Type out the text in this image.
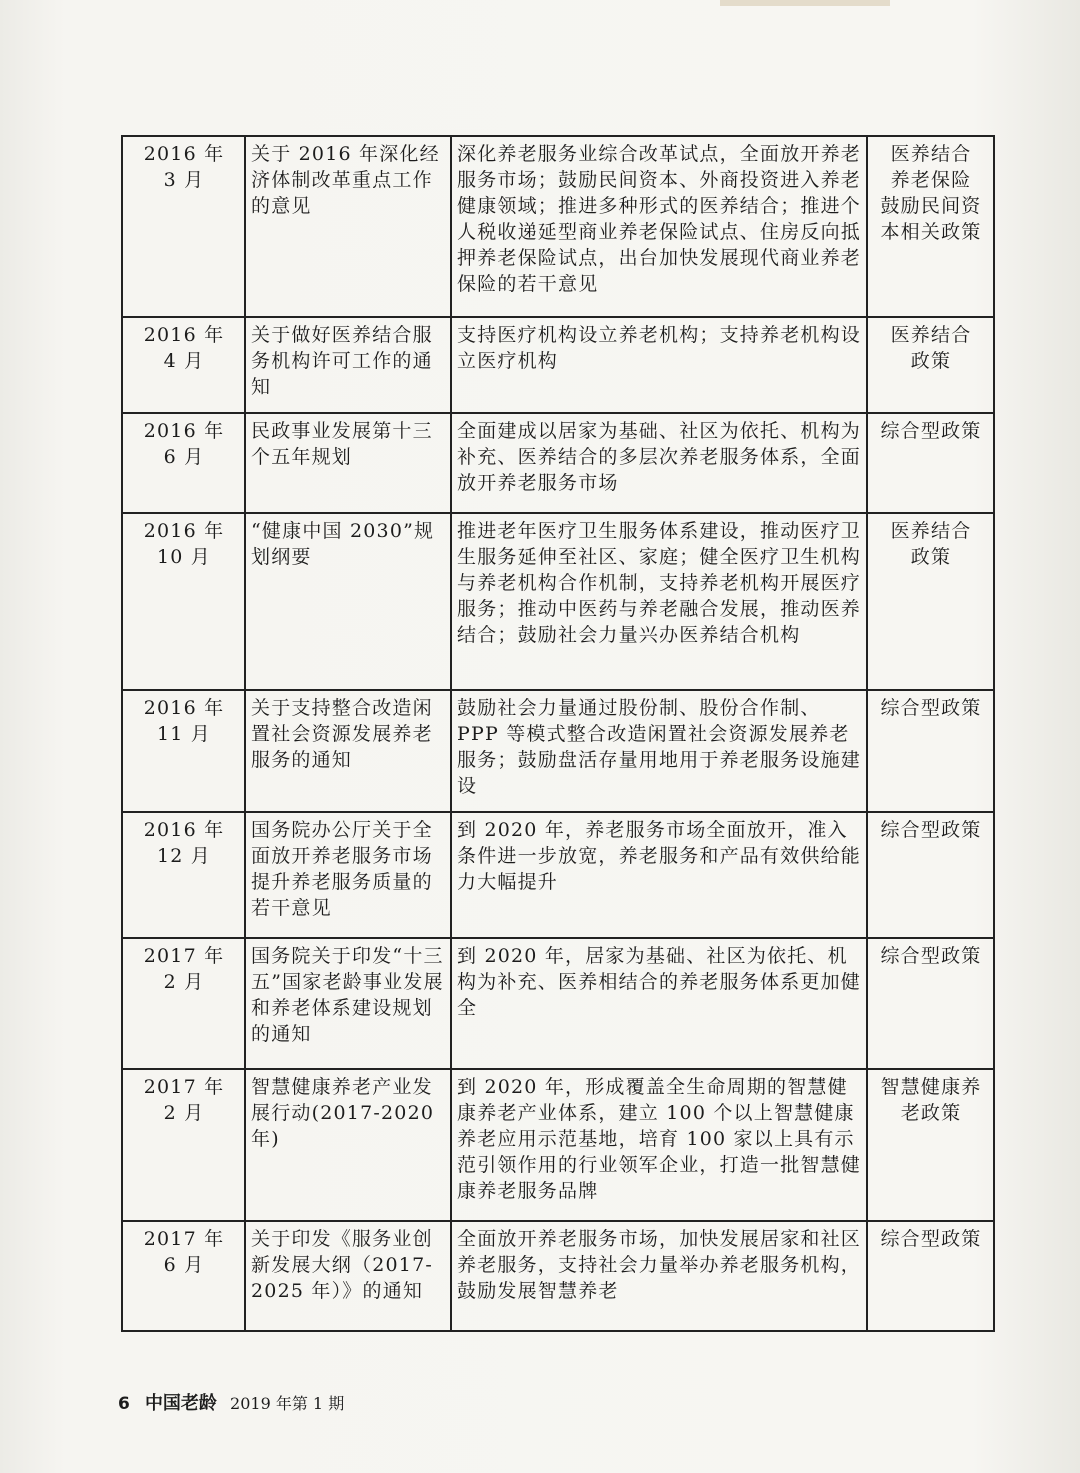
2016 年
3 月	关于 2016 年深化经济体制改革重点工作的意见	深化养老服务业综合改革试点，全面放开养老服务市场；鼓励民间资本、外商投资进入养老健康领域；推进多种形式的医养结合；推进个人税收递延型商业养老保险试点、住房反向抵押养老保险试点，出台加快发展现代商业养老保险的若干意见	医养结合
养老保险
鼓励民间资本相关政策

2016 年
4 月	关于做好医养结合服务机构许可工作的通知	支持医疗机构设立养老机构；支持养老机构设立医疗机构	医养结合
政策

2016 年
6 月	民政事业发展第十三个五年规划	全面建成以居家为基础、社区为依托、机构为补充、医养结合的多层次养老服务体系，全面放开养老服务市场	综合型政策

2016 年
10 月	“健康中国 2030”规划纲要	推进老年医疗卫生服务体系建设，推动医疗卫生服务延伸至社区、家庭；健全医疗卫生机构与养老机构合作机制，支持养老机构开展医疗服务；推动中医药与养老融合发展，推动医养结合；鼓励社会力量兴办医养结合机构	医养结合
政策

2016 年
11 月	关于支持整合改造闲置社会资源发展养老服务的通知	鼓励社会力量通过股份制、股份合作制、PPP 等模式整合改造闲置社会资源发展养老服务；鼓励盘活存量用地用于养老服务设施建设	综合型政策

2016 年
12 月	国务院办公厅关于全面放开养老服务市场提升养老服务质量的若干意见	到 2020 年，养老服务市场全面放开，准入条件进一步放宽，养老服务和产品有效供给能力大幅提升	综合型政策

2017 年
2 月	国务院关于印发“十三五”国家老龄事业发展和养老体系建设规划的通知	到 2020 年，居家为基础、社区为依托、机构为补充、医养相结合的养老服务体系更加健全	综合型政策

2017 年
2 月	智慧健康养老产业发展行动(2017-2020 年)	到 2020 年，形成覆盖全生命周期的智慧健康养老产业体系，建立 100 个以上智慧健康养老应用示范基地，培育 100 家以上具有示范引领作用的行业领军企业，打造一批智慧健康养老服务品牌	智慧健康养老政策

2017 年
6 月	关于印发《服务业创新发展大纲（2017-2025 年）》的通知	全面放开养老服务市场，加快发展居家和社区养老服务，支持社会力量举办养老服务机构，鼓励发展智慧养老	综合型政策
6 中国老龄 2019 年第 1 期
